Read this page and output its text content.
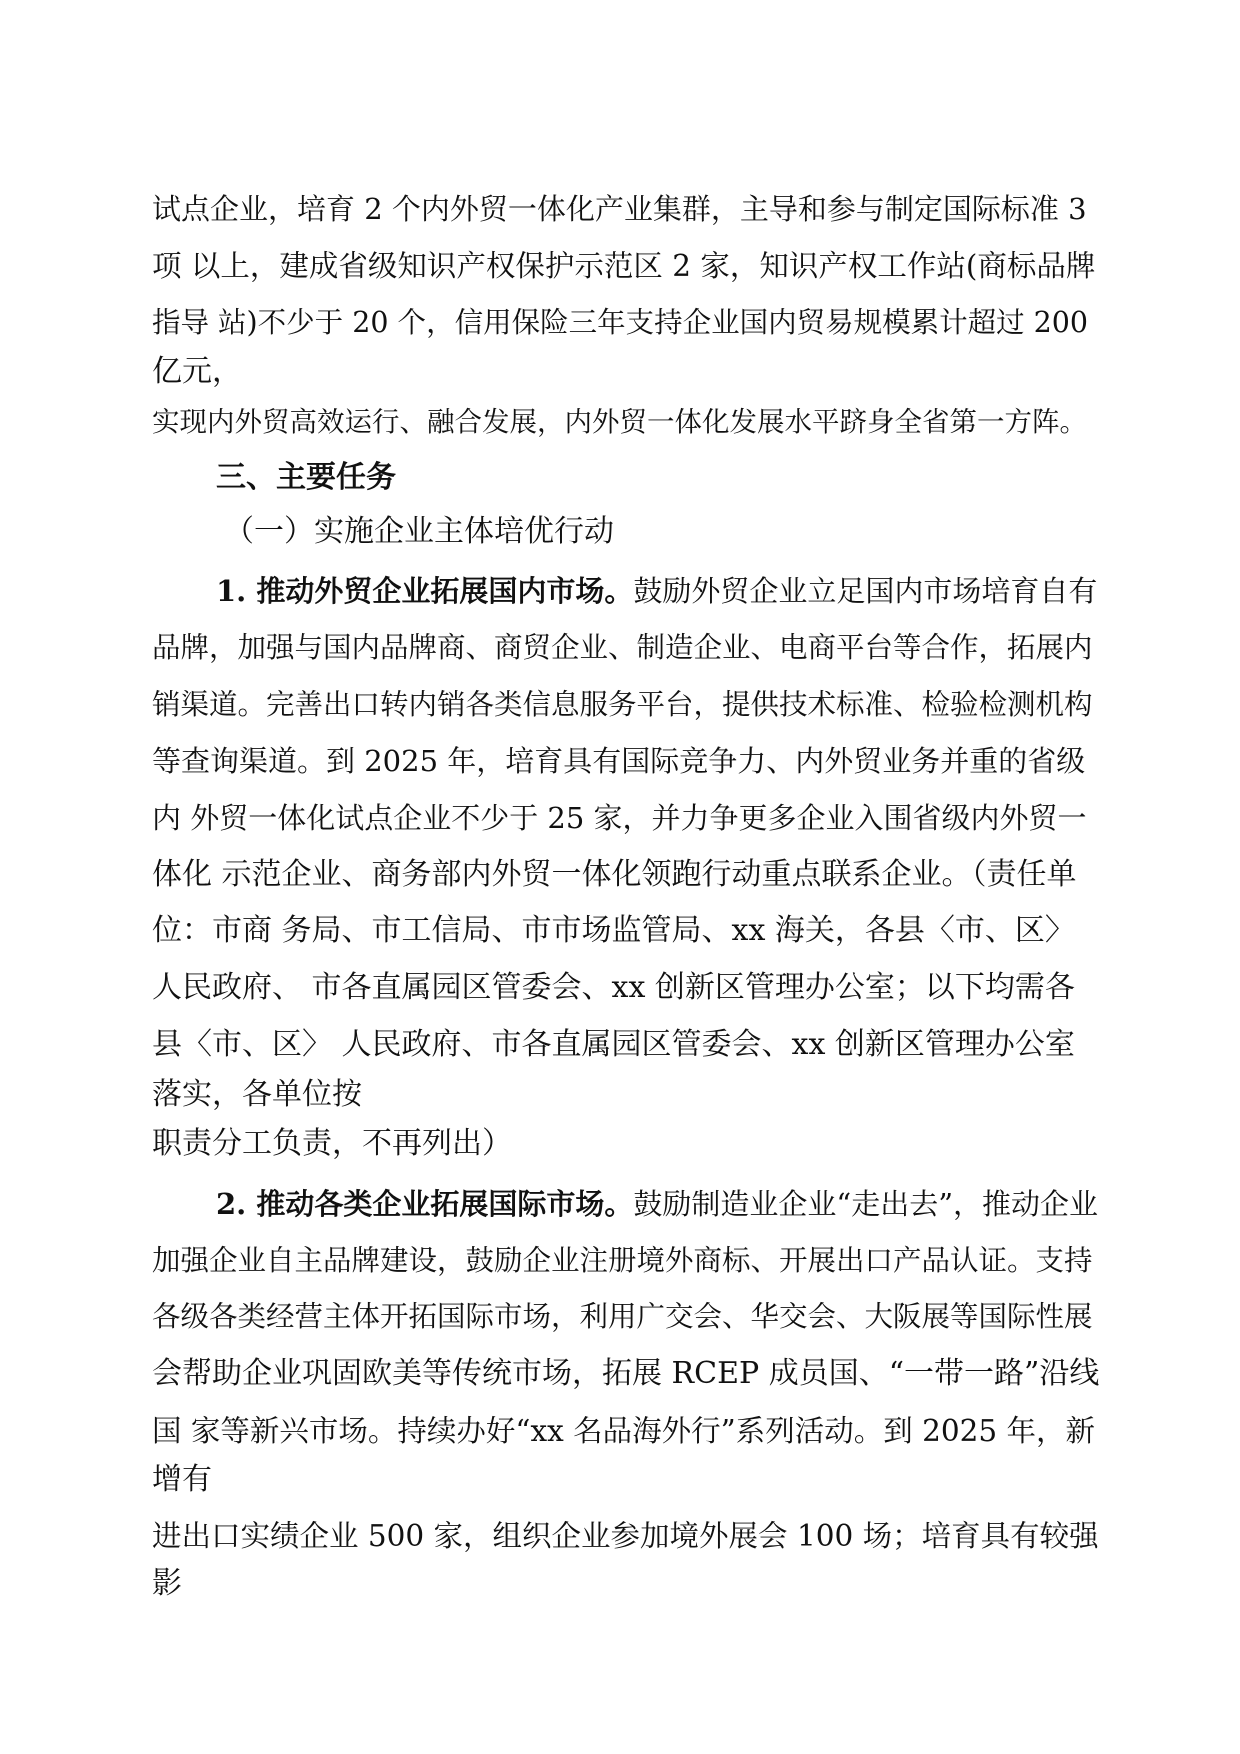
试点企业，培育 2 个内外贸一体化产业集群，主导和参与制定国际标准 3

项 以上，建成省级知识产权保护示范区 2 家，知识产权工作站(商标品牌

指导 站)不少于 20 个，信用保险三年支持企业国内贸易规模累计超过 200

亿元，

实现内外贸高效运行、融合发展，内外贸一体化发展水平跻身全省第一方阵。

三、主要任务

（一）实施企业主体培优行动

1. 推动外贸企业拓展国内市场。鼓励外贸企业立足国内市场培育自有

品牌，加强与国内品牌商、商贸企业、制造企业、电商平台等合作，拓展内

销渠道。完善出口转内销各类信息服务平台，提供技术标准、检验检测机构

等查询渠道。到 2025 年，培育具有国际竞争力、内外贸业务并重的省级

内 外贸一体化试点企业不少于 25 家，并力争更多企业入围省级内外贸一

体化 示范企业、商务部内外贸一体化领跑行动重点联系企业。（责任单

位：市商 务局、市工信局、市市场监管局、xx 海关，各县〈市、区〉

人民政府、 市各直属园区管委会、xx 创新区管理办公室；以下均需各

县〈市、区〉 人民政府、市各直属园区管委会、xx 创新区管理办公室

落实，各单位按

职责分工负责，不再列出）

2. 推动各类企业拓展国际市场。鼓励制造业企业“走出去”，推动企业

加强企业自主品牌建设，鼓励企业注册境外商标、开展出口产品认证。支持

各级各类经营主体开拓国际市场，利用广交会、华交会、大阪展等国际性展

会帮助企业巩固欧美等传统市场，拓展 RCEP 成员国、“一带一路”沿线

国 家等新兴市场。持续办好“xx 名品海外行”系列活动。到 2025 年，新

增有

进出口实绩企业 500 家，组织企业参加境外展会 100 场；培育具有较强

影
